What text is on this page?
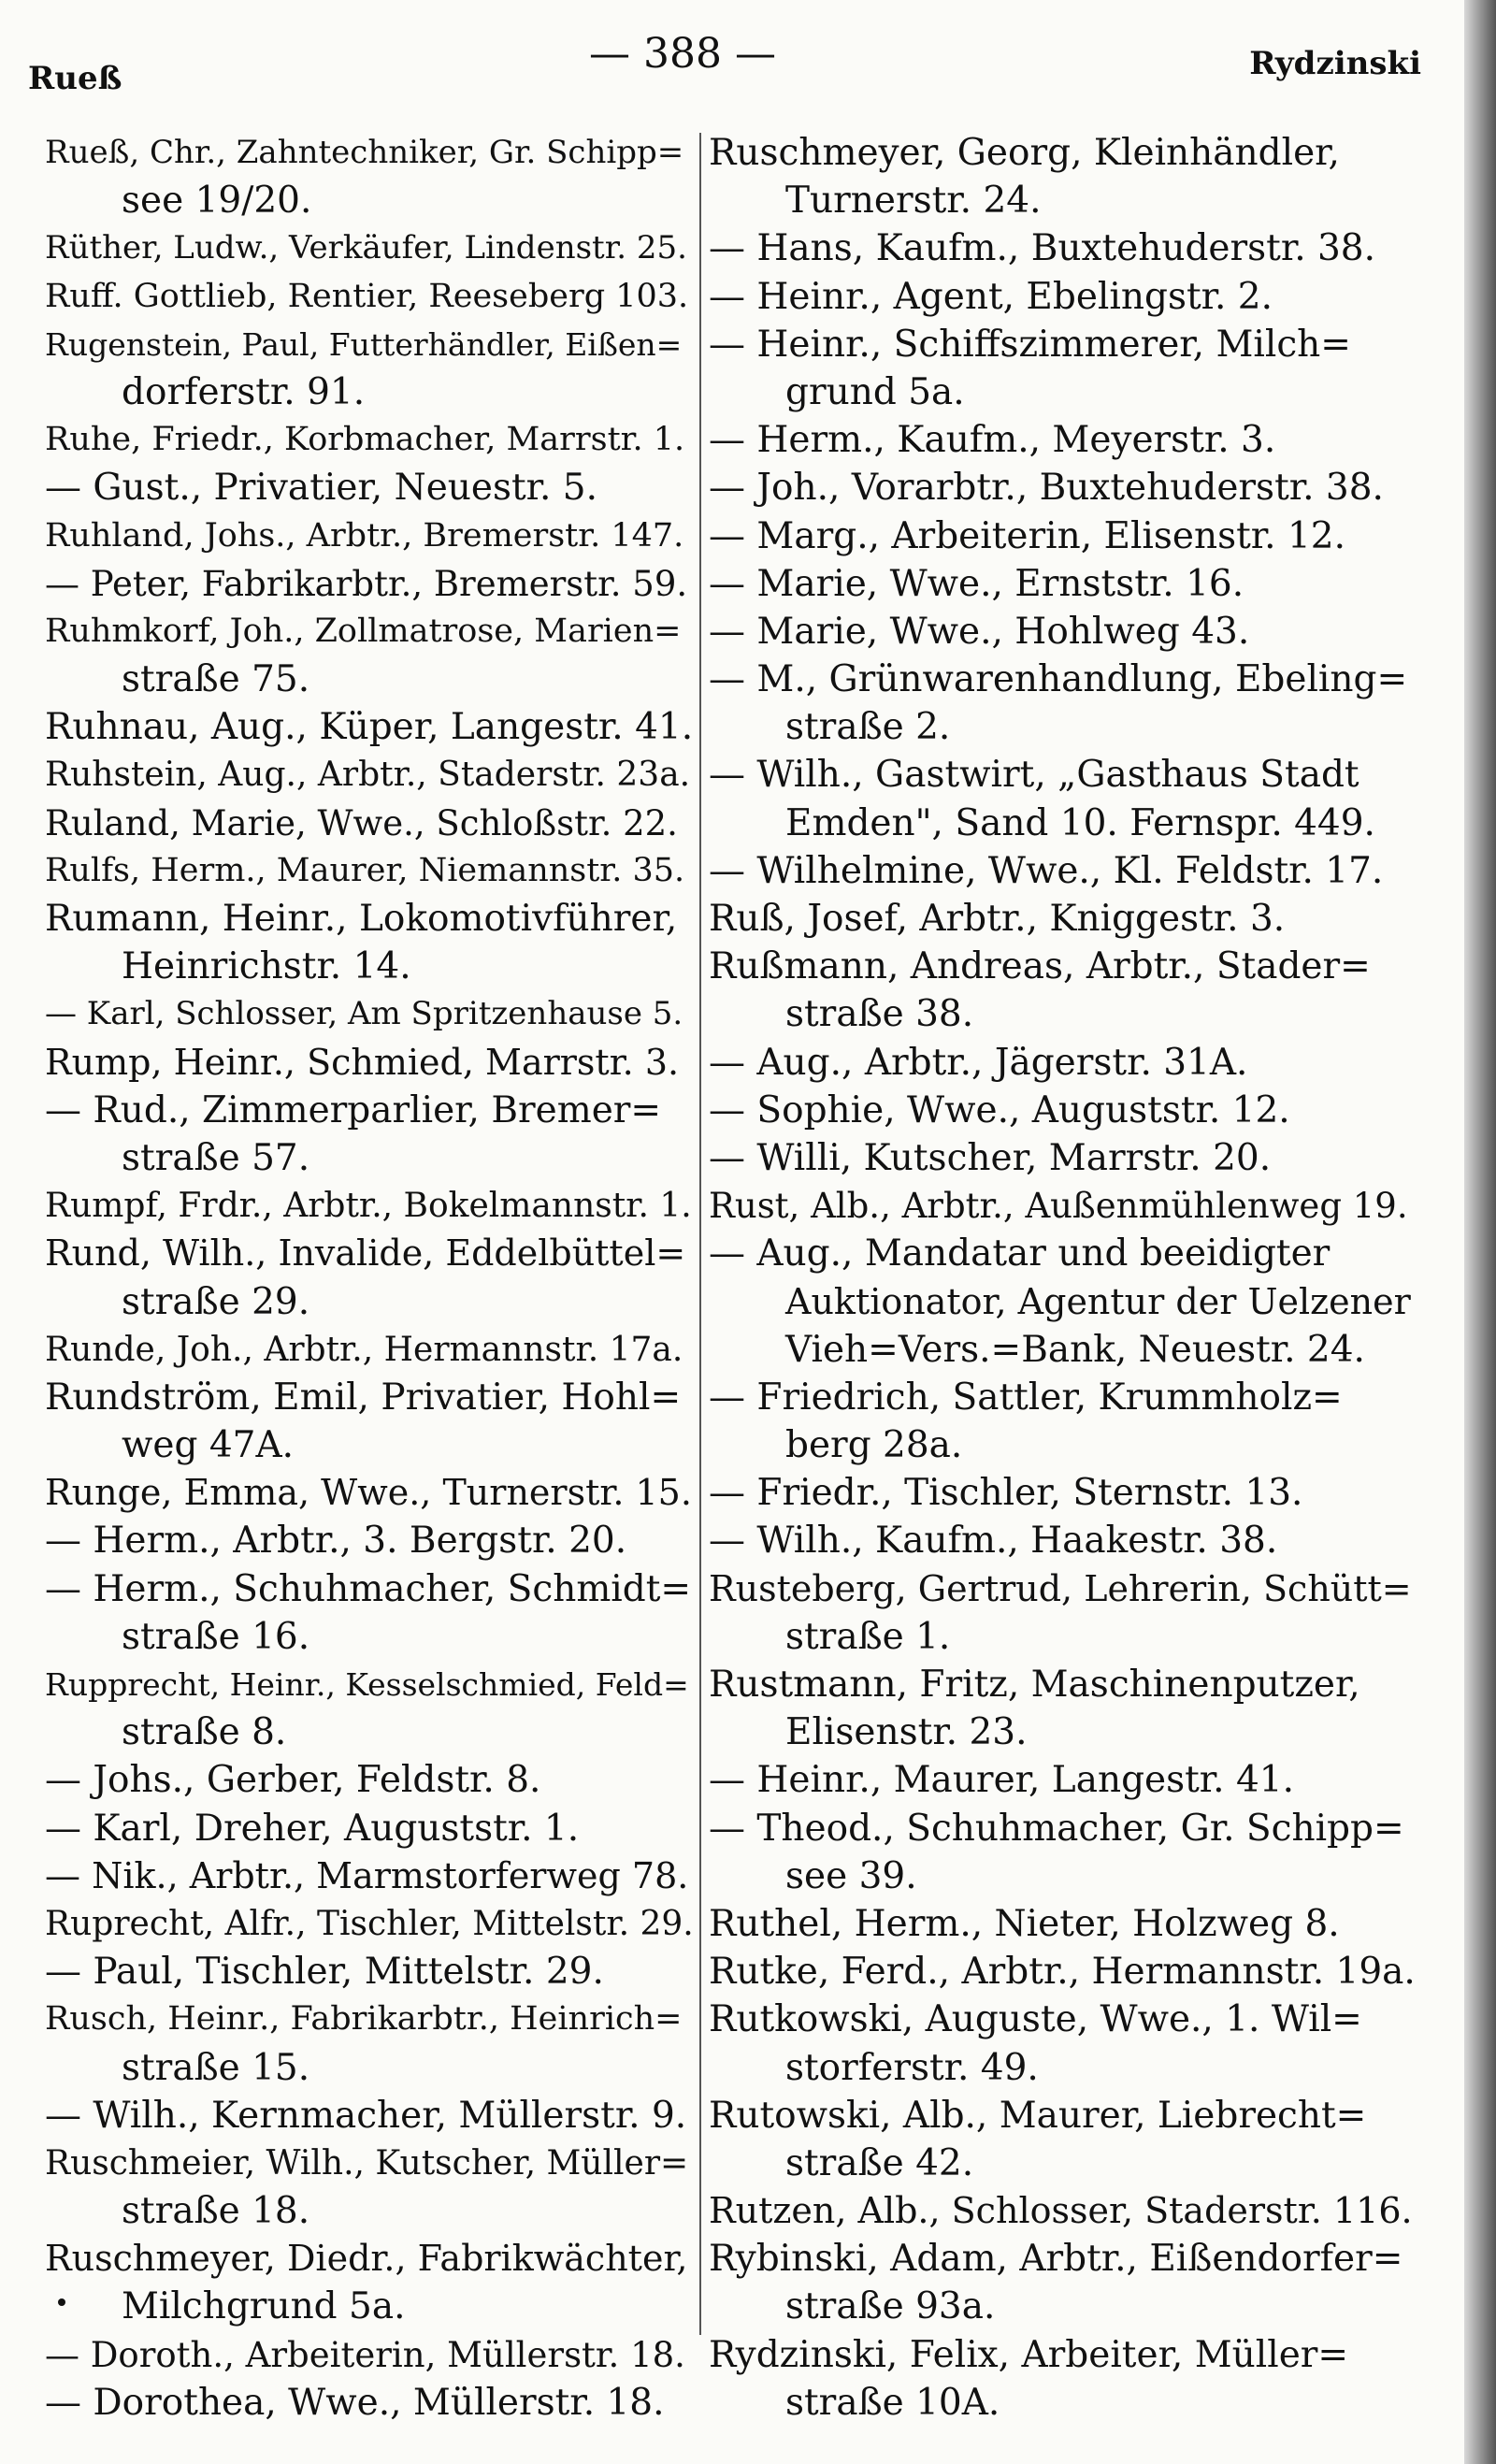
Rueß
— 388 —	Rydzinski
Rueß, Chr., Zahntechniker, Gr. Schipp=
see 19/20.
Rüther, Ludw., Verkäufer, Lindenstr. 25.
Ruff. Gottlieb, Rentier, Reeseberg 103.
Rugenstein, Paul, Futterhändler, Eißen=
dorferstr. 91.
Ruhe, Friedr., Korbmacher, Marrstr. 1.
— Gust., Privatier, Neuestr. 5.
Ruhland, Johs., Arbtr., Bremerstr. 147.
— Peter, Fabrikarbtr., Bremerstr. 59.
Ruhmkorf, Joh., Zollmatrose, Marien=
straße 75.
Ruhnau, Aug., Küper, Langestr. 41.
Ruhstein, Aug., Arbtr., Staderstr. 23a.
Ruland, Marie, Wwe., Schloßstr. 22.
Rulfs, Herm., Maurer, Niemannstr. 35.
Rumann, Heinr., Lokomotivführer,
Heinrichstr. 14.
— Karl, Schlosser, Am Spritzenhause 5.
Rump, Heinr., Schmied, Marrstr. 3.
— Rud., Zimmerparlier, Bremer=
straße 57.
Rumpf, Frdr., Arbtr., Bokelmannstr. 1.
Rund, Wilh., Invalide, Eddelbüttel=
straße 29.
Runde, Joh., Arbtr., Hermannstr. 17a.
Rundström, Emil, Privatier, Hohl=
weg 47A.
Runge, Emma, Wwe., Turnerstr. 15.
— Herm., Arbtr., 3. Bergstr. 20.
— Herm., Schuhmacher, Schmidt=
straße 16.
Rupprecht, Heinr., Kesselschmied, Feld=
straße 8.
— Johs., Gerber, Feldstr. 8.
— Karl, Dreher, Auguststr. 1.
— Nik., Arbtr., Marmstorferweg 78.
Ruprecht, Alfr., Tischler, Mittelstr. 29.
— Paul, Tischler, Mittelstr. 29.
Rusch, Heinr., Fabrikarbtr., Heinrich=
straße 15.
— Wilh., Kernmacher, Müllerstr. 9.
Ruschmeier, Wilh., Kutscher, Müller=
straße 18.
Ruschmeyer, Diedr., Fabrikwächter,
Milchgrund 5a.
— Doroth., Arbeiterin, Müllerstr. 18.
— Dorothea, Wwe., Müllerstr. 18.
Ruschmeyer, Georg, Kleinhändler,
Turnerstr. 24.
— Hans, Kaufm., Buxtehuderstr. 38.
— Heinr., Agent, Ebelingstr. 2.
— Heinr., Schiffszimmerer, Milch=
grund 5a.
— Herm., Kaufm., Meyerstr. 3.
— Joh., Vorarbtr., Buxtehuderstr. 38.
— Marg., Arbeiterin, Elisenstr. 12.
— Marie, Wwe., Ernststr. 16.
— Marie, Wwe., Hohlweg 43.
— M., Grünwarenhandlung, Ebeling=
straße 2.
— Wilh., Gastwirt, „Gasthaus Stadt
Emden", Sand 10. Fernspr. 449.
— Wilhelmine, Wwe., Kl. Feldstr. 17.
Ruß, Josef, Arbtr., Kniggestr. 3.
Rußmann, Andreas, Arbtr., Stader=
straße 38.
— Aug., Arbtr., Jägerstr. 31A.
— Sophie, Wwe., Auguststr. 12.
— Willi, Kutscher, Marrstr. 20.
Rust, Alb., Arbtr., Außenmühlenweg 19.
— Aug., Mandatar und beeidigter
Auktionator, Agentur der Uelzener
Vieh=Vers.=Bank, Neuestr. 24.
— Friedrich, Sattler, Krummholz=
berg 28a.
— Friedr., Tischler, Sternstr. 13.
— Wilh., Kaufm., Haakestr. 38.
Rusteberg, Gertrud, Lehrerin, Schütt=
straße 1.
Rustmann, Fritz, Maschinenputzer,
Elisenstr. 23.
— Heinr., Maurer, Langestr. 41.
— Theod., Schuhmacher, Gr. Schipp=
see 39.
Ruthel, Herm., Nieter, Holzweg 8.
Rutke, Ferd., Arbtr., Hermannstr. 19a.
Rutkowski, Auguste, Wwe., 1. Wil=
storferstr. 49.
Rutowski, Alb., Maurer, Liebrecht=
straße 42.
Rutzen, Alb., Schlosser, Staderstr. 116.
Rybinski, Adam, Arbtr., Eißendorfer=
straße 93a.
Rydzinski, Felix, Arbeiter, Müller=
straße 10A.
